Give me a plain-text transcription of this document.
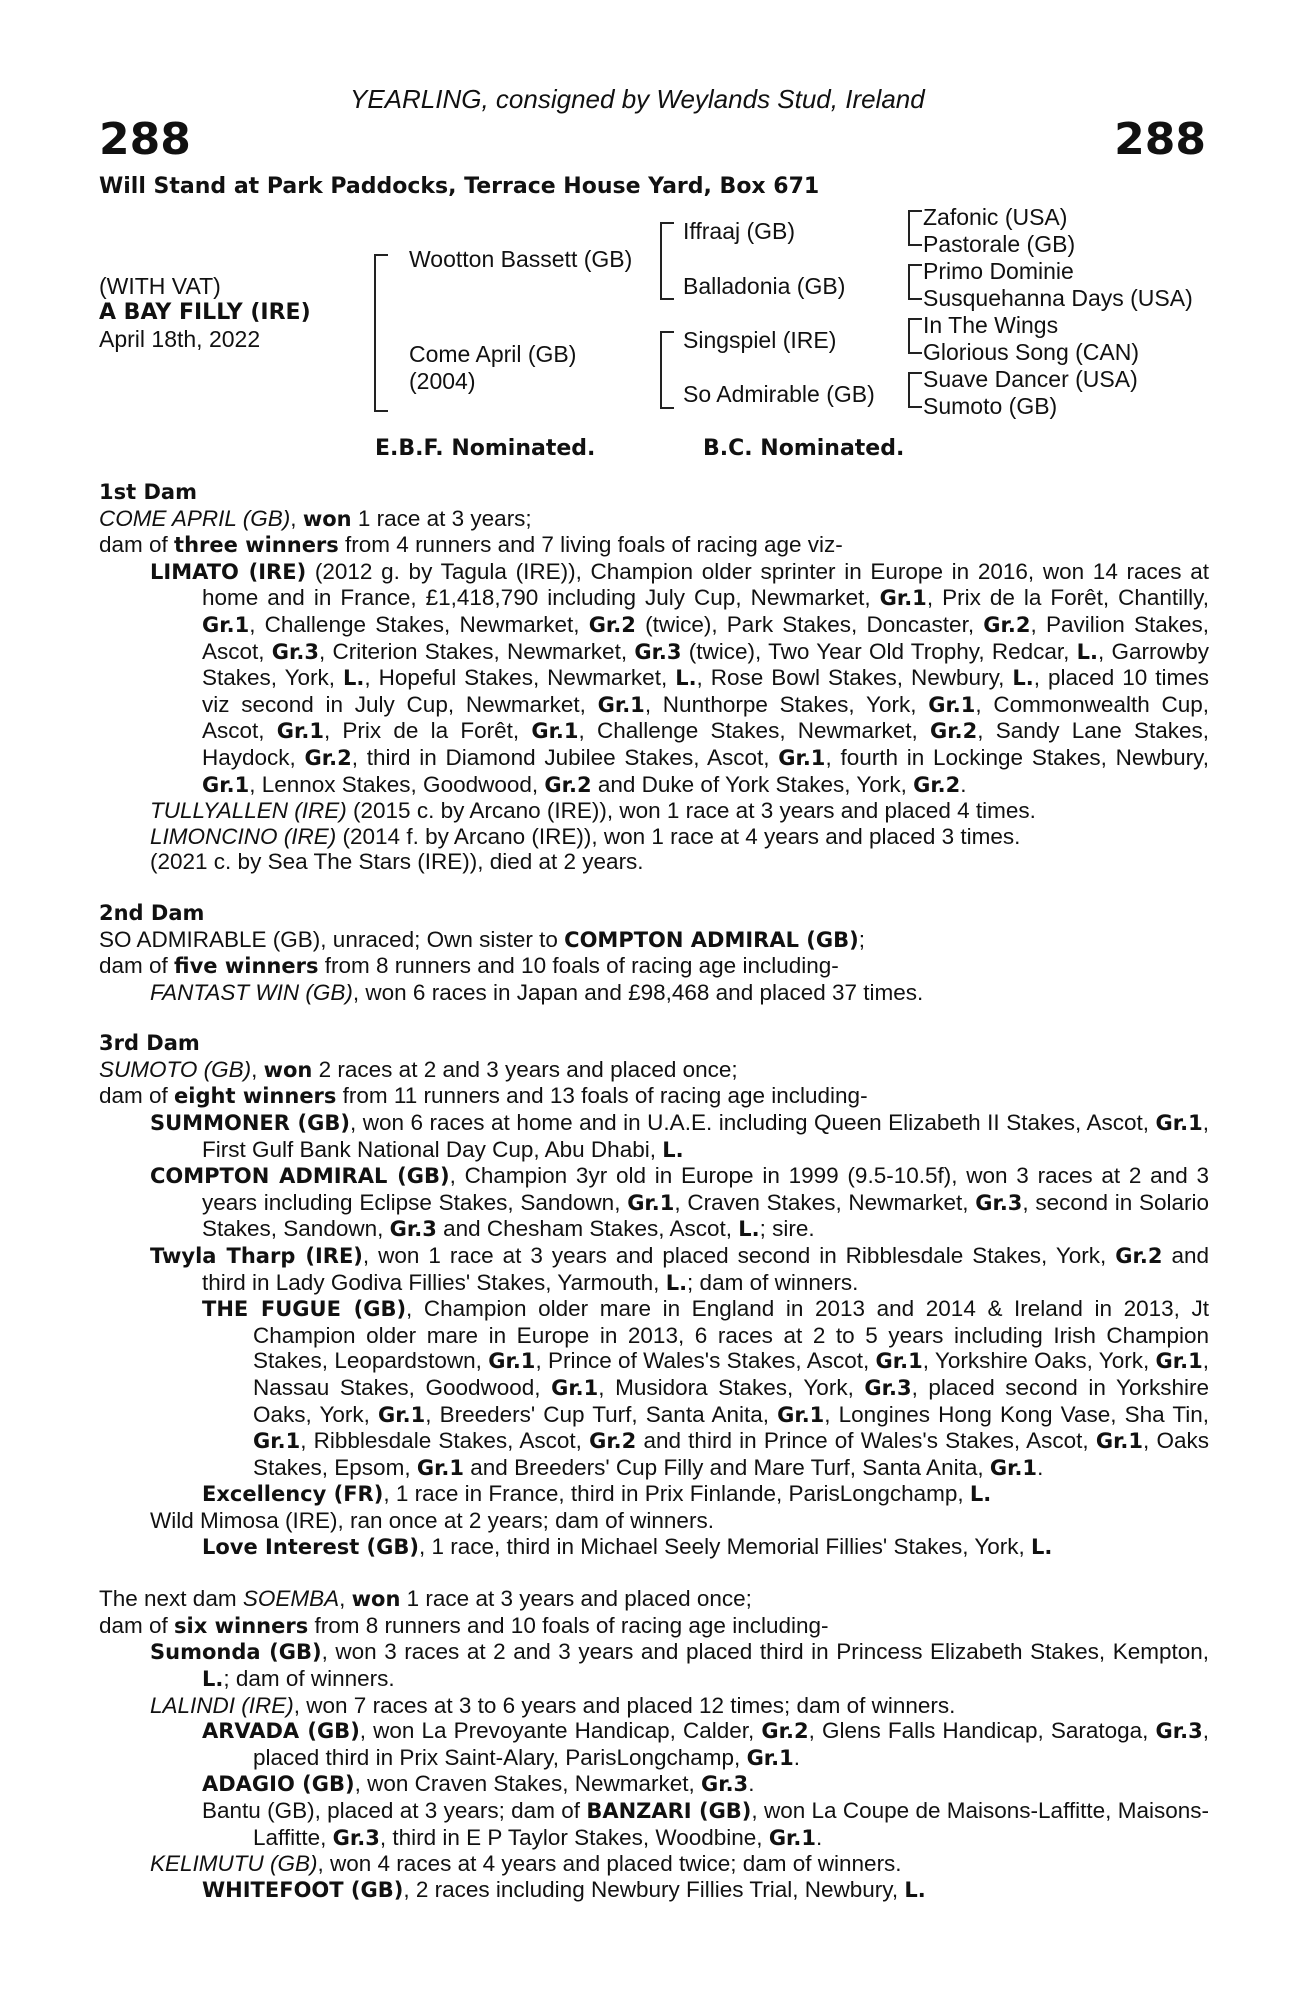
YEARLING, consigned by Weylands Stud, Ireland
288	288
Will Stand at Park Paddocks, Terrace House Yard, Box 671
(WITH VAT)
A BAY FILLY (IRE)
April 18th, 2022
Wootton Bassett (GB)
Come April (GB)
(2004)
Iffraaj (GB)
Balladonia (GB)
Singspiel (IRE)
So Admirable (GB)
Zafonic (USA)
Pastorale (GB)
Primo Dominie
Susquehanna Days (USA)
In The Wings
Glorious Song (CAN)
Suave Dancer (USA)
Sumoto (GB)
E.B.F. Nominated.	B.C. Nominated.

1st Dam

COME APRIL (GB), won 1 race at 3 years;

dam of three winners from 4 runners and 7 living foals of racing age viz-

LIMATO (IRE) (2012 g. by Tagula (IRE)), Champion older sprinter in Europe in 2016, won 14 races at home and in France, £1,418,790 including July Cup, Newmarket, Gr.1, Prix de la Forêt, Chantilly, Gr.1, Challenge Stakes, Newmarket, Gr.2 (twice), Park Stakes, Doncaster, Gr.2, Pavilion Stakes, Ascot, Gr.3, Criterion Stakes, Newmarket, Gr.3 (twice), Two Year Old Trophy, Redcar, L., Garrowby Stakes, York, L., Hopeful Stakes, Newmarket, L., Rose Bowl Stakes, Newbury, L., placed 10 times viz second in July Cup, Newmarket, Gr.1, Nunthorpe Stakes, York, Gr.1, Commonwealth Cup, Ascot, Gr.1, Prix de la Forêt, Gr.1, Challenge Stakes, Newmarket, Gr.2, Sandy Lane Stakes, Haydock, Gr.2, third in Diamond Jubilee Stakes, Ascot, Gr.1, fourth in Lockinge Stakes, Newbury, Gr.1, Lennox Stakes, Goodwood, Gr.2 and Duke of York Stakes, York, Gr.2.

TULLYALLEN (IRE) (2015 c. by Arcano (IRE)), won 1 race at 3 years and placed 4 times.

LIMONCINO (IRE) (2014 f. by Arcano (IRE)), won 1 race at 4 years and placed 3 times.

(2021 c. by Sea The Stars (IRE)), died at 2 years.

2nd Dam

SO ADMIRABLE (GB), unraced; Own sister to COMPTON ADMIRAL (GB);

dam of five winners from 8 runners and 10 foals of racing age including-

FANTAST WIN (GB), won 6 races in Japan and £98,468 and placed 37 times.

3rd Dam

SUMOTO (GB), won 2 races at 2 and 3 years and placed once;

dam of eight winners from 11 runners and 13 foals of racing age including-

SUMMONER (GB), won 6 races at home and in U.A.E. including Queen Elizabeth II Stakes, Ascot, Gr.1, First Gulf Bank National Day Cup, Abu Dhabi, L.

COMPTON ADMIRAL (GB), Champion 3yr old in Europe in 1999 (9.5-10.5f), won 3 races at 2 and 3 years including Eclipse Stakes, Sandown, Gr.1, Craven Stakes, Newmarket, Gr.3, second in Solario Stakes, Sandown, Gr.3 and Chesham Stakes, Ascot, L.; sire.

Twyla Tharp (IRE), won 1 race at 3 years and placed second in Ribblesdale Stakes, York, Gr.2 and third in Lady Godiva Fillies' Stakes, Yarmouth, L.; dam of winners.

THE FUGUE (GB), Champion older mare in England in 2013 and 2014 & Ireland in 2013, Jt Champion older mare in Europe in 2013, 6 races at 2 to 5 years including Irish Champion Stakes, Leopardstown, Gr.1, Prince of Wales's Stakes, Ascot, Gr.1, Yorkshire Oaks, York, Gr.1, Nassau Stakes, Goodwood, Gr.1, Musidora Stakes, York, Gr.3, placed second in Yorkshire Oaks, York, Gr.1, Breeders' Cup Turf, Santa Anita, Gr.1, Longines Hong Kong Vase, Sha Tin, Gr.1, Ribblesdale Stakes, Ascot, Gr.2 and third in Prince of Wales's Stakes, Ascot, Gr.1, Oaks Stakes, Epsom, Gr.1 and Breeders' Cup Filly and Mare Turf, Santa Anita, Gr.1.

Excellency (FR), 1 race in France, third in Prix Finlande, ParisLongchamp, L.

Wild Mimosa (IRE), ran once at 2 years; dam of winners.

Love Interest (GB), 1 race, third in Michael Seely Memorial Fillies' Stakes, York, L.

The next dam SOEMBA, won 1 race at 3 years and placed once;

dam of six winners from 8 runners and 10 foals of racing age including-

Sumonda (GB), won 3 races at 2 and 3 years and placed third in Princess Elizabeth Stakes, Kempton, L.; dam of winners.

LALINDI (IRE), won 7 races at 3 to 6 years and placed 12 times; dam of winners.

ARVADA (GB), won La Prevoyante Handicap, Calder, Gr.2, Glens Falls Handicap, Saratoga, Gr.3, placed third in Prix Saint-Alary, ParisLongchamp, Gr.1.

ADAGIO (GB), won Craven Stakes, Newmarket, Gr.3.

Bantu (GB), placed at 3 years; dam of BANZARI (GB), won La Coupe de Maisons-Laffitte, Maisons-Laffitte, Gr.3, third in E P Taylor Stakes, Woodbine, Gr.1.

KELIMUTU (GB), won 4 races at 4 years and placed twice; dam of winners.

WHITEFOOT (GB), 2 races including Newbury Fillies Trial, Newbury, L.
